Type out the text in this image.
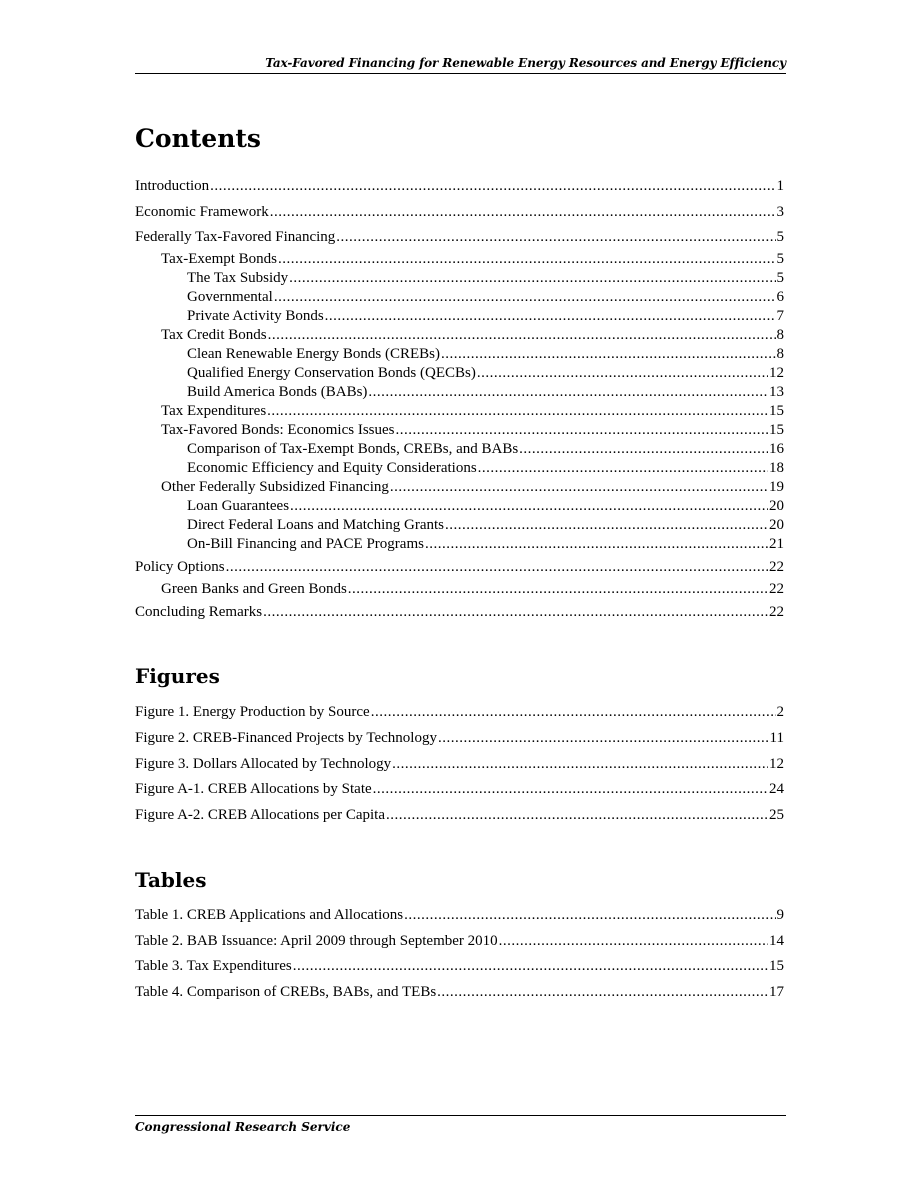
Tax-Favored Financing for Renewable Energy Resources and Energy Efficiency
Contents
Introduction .....	1
Economic Framework .....	3
Federally Tax-Favored Financing .....	5
Tax-Exempt Bonds .....	5
The Tax Subsidy .....	5
Governmental .....	6
Private Activity Bonds .....	7
Tax Credit Bonds .....	8
Clean Renewable Energy Bonds (CREBs) .....	8
Qualified Energy Conservation Bonds (QECBs) .....	12
Build America Bonds (BABs) .....	13
Tax Expenditures .....	15
Tax-Favored Bonds: Economics Issues .....	15
Comparison of Tax-Exempt Bonds, CREBs, and BABs .....	16
Economic Efficiency and Equity Considerations .....	18
Other Federally Subsidized Financing .....	19
Loan Guarantees .....	20
Direct Federal Loans and Matching Grants .....	20
On-Bill Financing and PACE Programs .....	21
Policy Options .....	22
Green Banks and Green Bonds .....	22
Concluding Remarks .....	22
Figures
Figure 1. Energy Production by Source .....	2
Figure 2. CREB-Financed Projects by Technology .....	11
Figure 3. Dollars Allocated by Technology .....	12
Figure A-1. CREB Allocations by State .....	24
Figure A-2. CREB Allocations per Capita .....	25
Tables
Table 1. CREB Applications and Allocations .....	9
Table 2. BAB Issuance: April 2009 through September 2010 .....	14
Table 3. Tax Expenditures .....	15
Table 4. Comparison of CREBs, BABs, and TEBs .....	17
Congressional Research Service
